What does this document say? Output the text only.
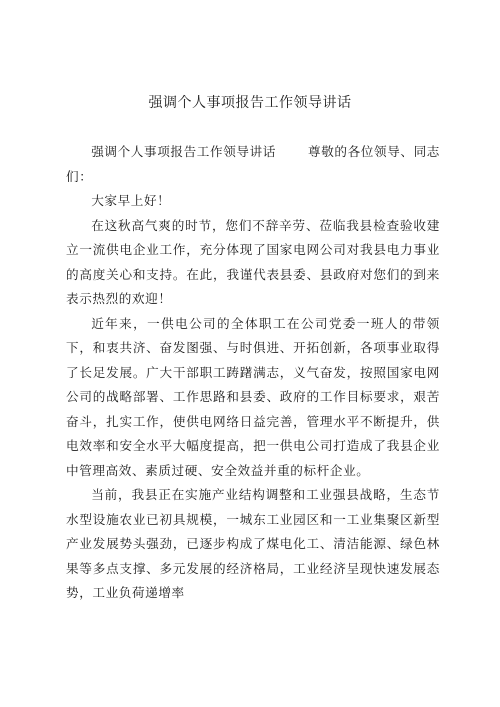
强调个人事项报告工作领导讲话

强调个人事项报告工作领导讲话	尊敬的各位领导、同志们：

大家早上好！

在这秋高气爽的时节，您们不辞辛劳、莅临我县检查验收建立一流供电企业工作，充分体现了国家电网公司对我县电力事业的高度关心和支持。在此，我谨代表县委、县政府对您们的到来表示热烈的欢迎！

近年来，一供电公司的全体职工在公司党委一班人的带领下，和衷共济、奋发图强、与时俱进、开拓创新，各项事业取得了长足发展。广大干部职工踌躇满志，义气奋发，按照国家电网公司的战略部署、工作思路和县委、政府的工作目标要求，艰苦奋斗，扎实工作，使供电网络日益完善，管理水平不断提升，供电效率和安全水平大幅度提高，把一供电公司打造成了我县企业中管理高效、素质过硬、安全效益并重的标杆企业。

当前，我县正在实施产业结构调整和工业强县战略，生态节水型设施农业已初具规模，一城东工业园区和一工业集聚区新型产业发展势头强劲，已逐步构成了煤电化工、清洁能源、绿色林果等多点支撑、多元发展的经济格局，工业经济呈现快速发展态势，工业负荷递增率
